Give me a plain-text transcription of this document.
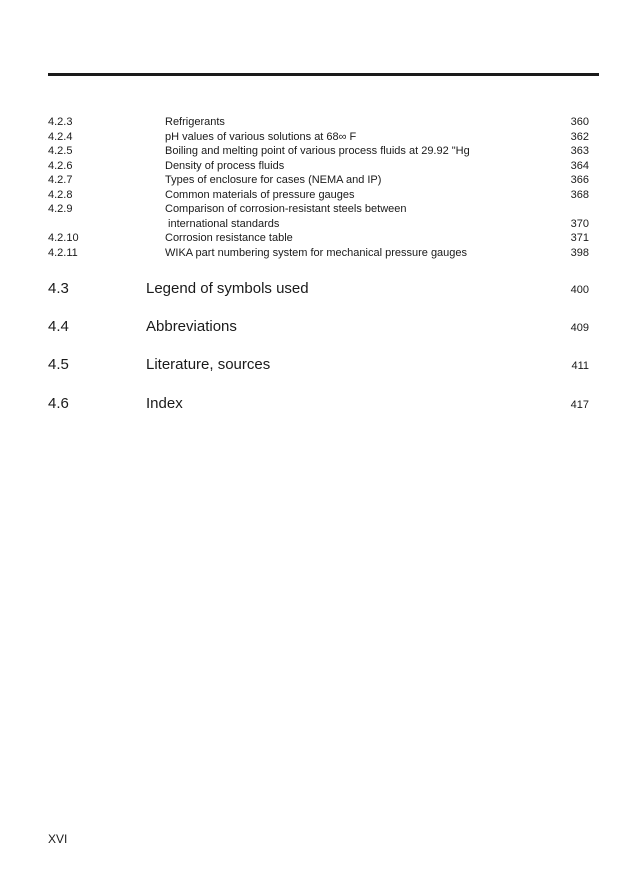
4.2.3	Refrigerants	360
4.2.4	pH values of various solutions at 68∞ F	362
4.2.5	Boiling and melting point of various process fluids at 29.92 "Hg	363
4.2.6	Density of process fluids	364
4.2.7	Types of enclosure for cases (NEMA and IP)	366
4.2.8	Common materials of pressure gauges	368
4.2.9	Comparison of corrosion-resistant steels between
international standards	370
4.2.10	Corrosion resistance table	371
4.2.11	WIKA part numbering system for mechanical pressure gauges	398
4.3	Legend of symbols used	400
4.4	Abbreviations	409
4.5	Literature, sources	411
4.6	Index	417
XVI
